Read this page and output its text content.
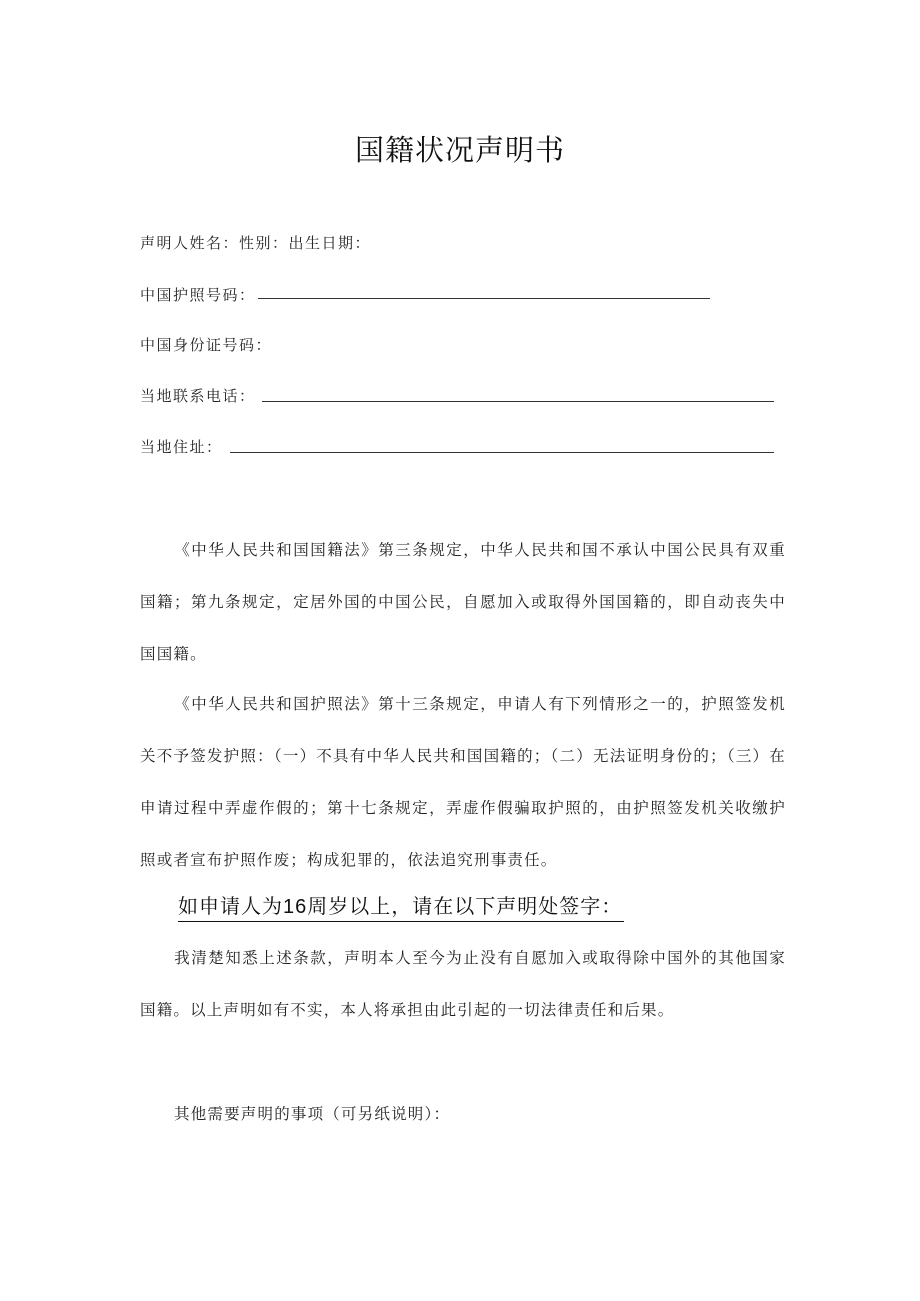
国籍状况声明书
声明人姓名：性别：出生日期：
中国护照号码：
中国身份证号码：
当地联系电话：
当地住址：
《中华人民共和国国籍法》第三条规定，中华人民共和国不承认中国公民具有双重国籍；第九条规定，定居外国的中国公民，自愿加入或取得外国国籍的，即自动丧失中国国籍。
《中华人民共和国护照法》第十三条规定，申请人有下列情形之一的，护照签发机关不予签发护照：（一）不具有中华人民共和国国籍的；（二）无法证明身份的；（三）在申请过程中弄虚作假的；第十七条规定，弄虚作假骗取护照的，由护照签发机关收缴护照或者宣布护照作废；构成犯罪的，依法追究刑事责任。
如申请人为16周岁以上，请在以下声明处签字：
我清楚知悉上述条款，声明本人至今为止没有自愿加入或取得除中国外的其他国家国籍。以上声明如有不实，本人将承担由此引起的一切法律责任和后果。
其他需要声明的事项（可另纸说明）：
